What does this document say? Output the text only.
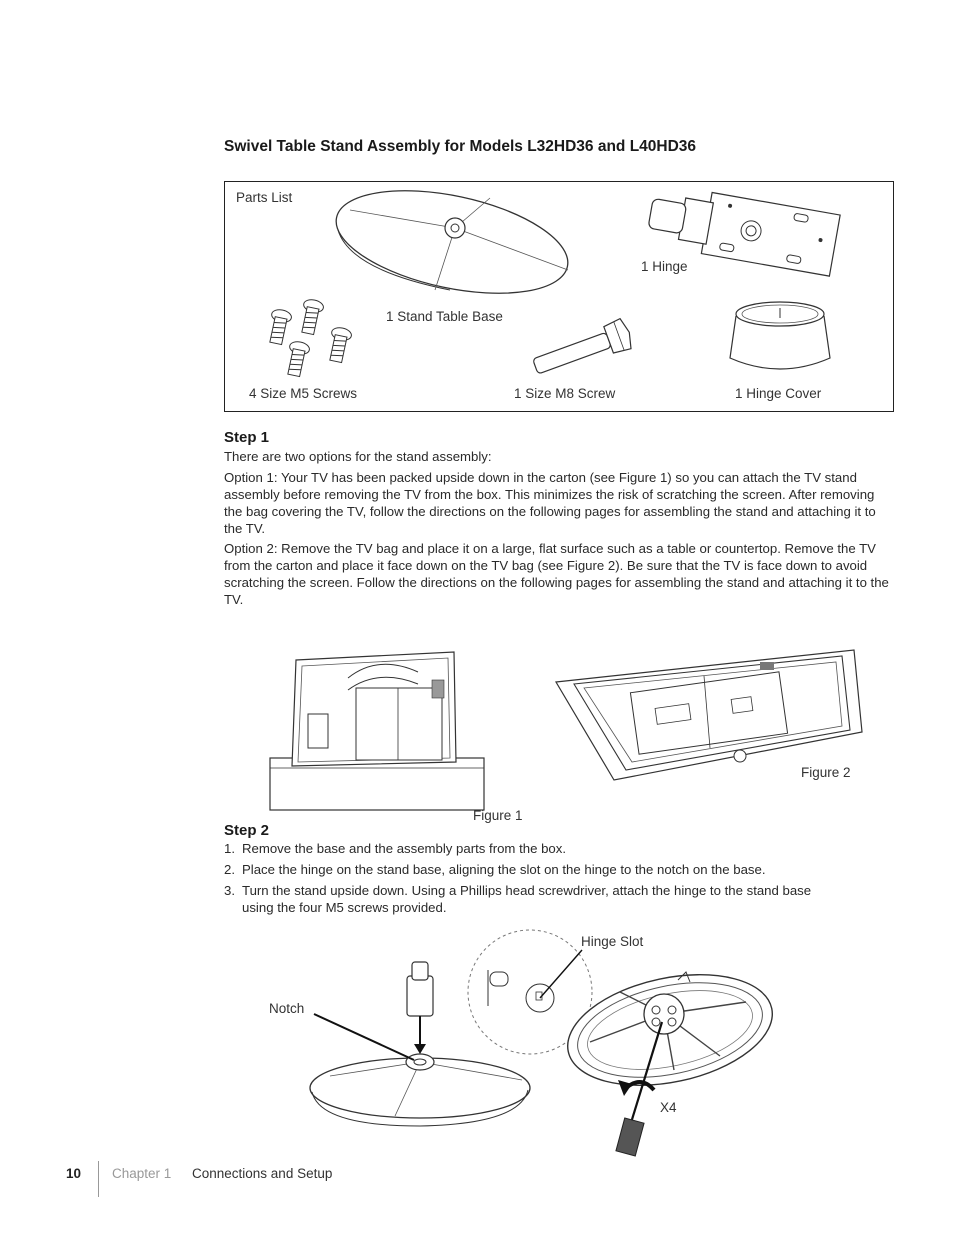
Swivel Table Stand Assembly for Models L32HD36 and L40HD36
Parts List
1 Stand Table Base
1 Hinge
4 Size M5 Screws	1 Size M8 Screw	1 Hinge Cover
Step 1
There are two options for the stand assembly:
Option 1: Your TV has been packed upside down in the carton (see Figure 1) so you can attach the TV stand assembly before removing the TV from the box. This minimizes the risk of scratching the screen. After removing the bag covering the TV, follow the directions on the following pages for assembling the stand and attaching it to the TV.
Option 2: Remove the TV bag and place it on a large, flat surface such as a table or countertop. Remove the TV from the carton and place it face down on the TV bag (see Figure 2). Be sure that the TV is face down to avoid scratching the screen. Follow the directions on the following pages for assembling the stand and attaching it to the TV.
Figure 1
Figure 2
Step 2
1. Remove the base and the assembly parts from the box.
2. Place the hinge on the stand base, aligning the slot on the hinge to the notch on the base.
3. Turn the stand upside down. Using a Phillips head screwdriver, attach the hinge to the stand base
using the four M5 screws provided.
Notch
Hinge Slot
X4
10 Chapter 1 Connections and Setup
